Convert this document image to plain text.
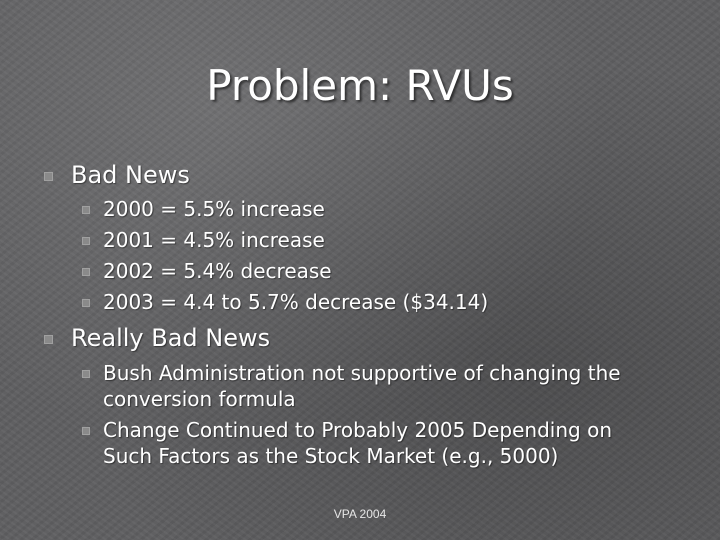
Problem: RVUs
Bad News
2000 = 5.5% increase
2001 = 4.5% increase
2002 = 5.4% decrease
2003 = 4.4 to 5.7% decrease ($34.14)
Really Bad News
Bush Administration not supportive of changing the
conversion formula
Change Continued to Probably 2005 Depending on
Such Factors as the Stock Market (e.g., 5000)
VPA 2004
